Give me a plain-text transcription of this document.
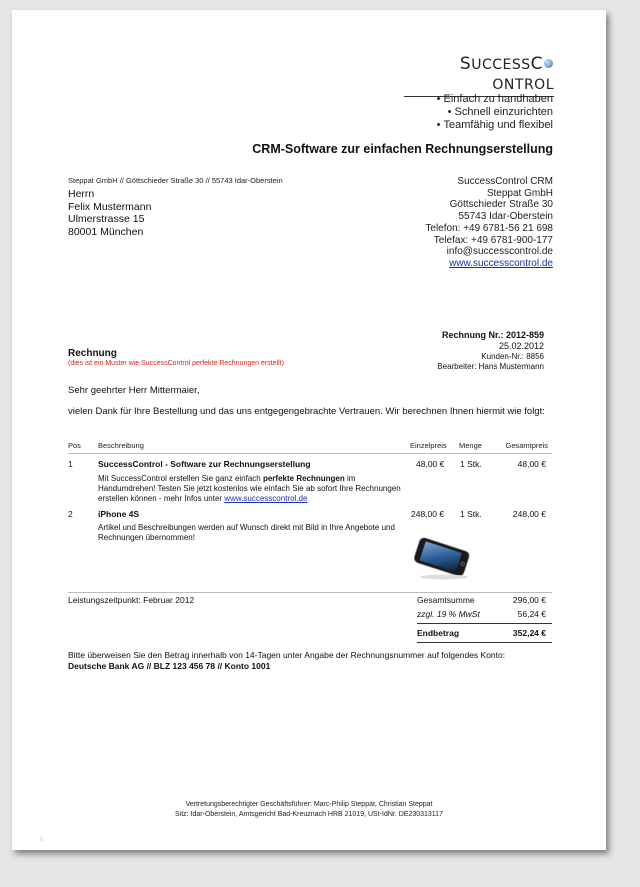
SUCCESSCONTROL
• Einfach zu handhaben
• Schnell einzurichten
• Teamfähig und flexibel
CRM-Software zur einfachen Rechnungserstellung
Steppat GmbH // Göttschieder Straße 30 // 55743 Idar-Oberstein
Herrn
Felix Mustermann
Ulmerstrasse 15
80001 München
SuccessControl CRM
Steppat GmbH
Göttschieder Straße 30
55743 Idar-Oberstein
Telefon: +49 6781-56 21 698
Telefax: +49 6781-900-177
info@successcontrol.de
www.successcontrol.de
Rechnung Nr.: 2012-859
25.02.2012
Kunden-Nr.: 8856
Bearbeiter: Hans Mustermann
Rechnung
(dies ist ein Muster wie SuccessControl perfekte Rechnungen erstellt)
Sehr geehrter Herr Mittermaier,
vielen Dank für Ihre Bestellung und das uns entgegengebrachte Vertrauen. Wir berechnen Ihnen hiermit wie folgt:
Pos Beschreibung	Einzelpreis Menge	Gesamtpreis
1	SuccessControl - Software zur Rechnungserstellung	48,00 € 1 Stk.	48,00 €
Mit SuccessControl erstellen Sie ganz einfach perfekte Rechnungen im Handumdrehen! Testen Sie jetzt kostenlos wie einfach Sie ab sofort Ihre Rechnungen erstellen können - mehr Infos unter www.successcontrol.de
2	iPhone 4S	248,00 € 1 Stk.	248,00 €
Artikel und Beschreibungen werden auf Wunsch direkt mit Bild in Ihre Angebote und Rechnungen übernommen!
Leistungszeitpunkt: Februar 2012	Gesamtsumme	296,00 €
zzgl. 19 % MwSt	56,24 €
Endbetrag	352,24 €
Bitte überweisen Sie den Betrag innerhalb von 14-Tagen unter Angabe der Rechnungsnummer auf folgendes Konto:
Deutsche Bank AG // BLZ 123 456 78 // Konto 1001
Vertretungsberechtigter Geschäftsführer: Marc-Philip Steppat, Christian Steppat
Sitz: Idar-Oberstein, Amtsgericht Bad-Kreuznach HRB 21019, USt-IdNr. DE230313117
lt
